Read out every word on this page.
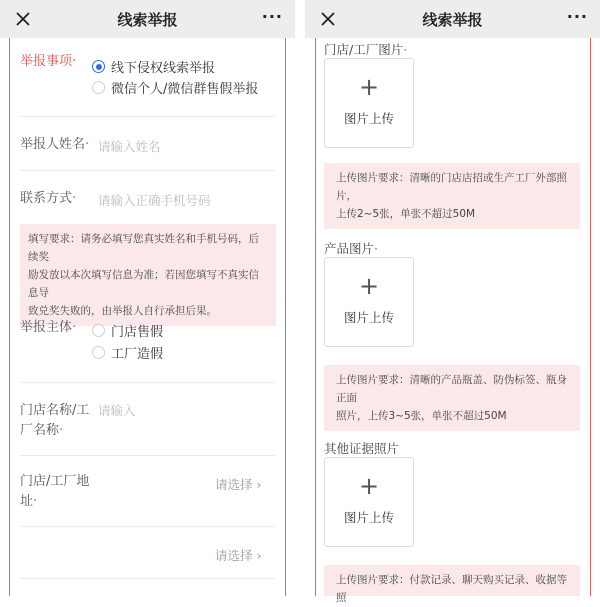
线索举报	···
举报事项·	线下侵权线索举报
微信个人/微信群售假举报
举报人姓名· 请输入姓名
联系方式· 请输入正确手机号码
填写要求：请务必填写您真实姓名和手机号码，后续奖
励发放以本次填写信息为准；若因您填写不真实信息导
致兑奖失败的，由举报人自行承担后果。
举报主体·	门店售假
工厂造假
门店名称/工
厂名称·
请输入
门店/工厂地
址·
请选择 ›
请选择 ›
线索举报	···
门店/工厂图片·
+
图片上传
上传图片要求：清晰的门店店招或生产工厂外部照片，
上传2~5张，单张不超过50M
产品图片·
+
图片上传
上传图片要求：清晰的产品瓶盖、防伪标签、瓶身正面
照片，上传3~5张，单张不超过50M
其他证据照片
+
图片上传
上传图片要求：付款记录、聊天购买记录、收据等照
